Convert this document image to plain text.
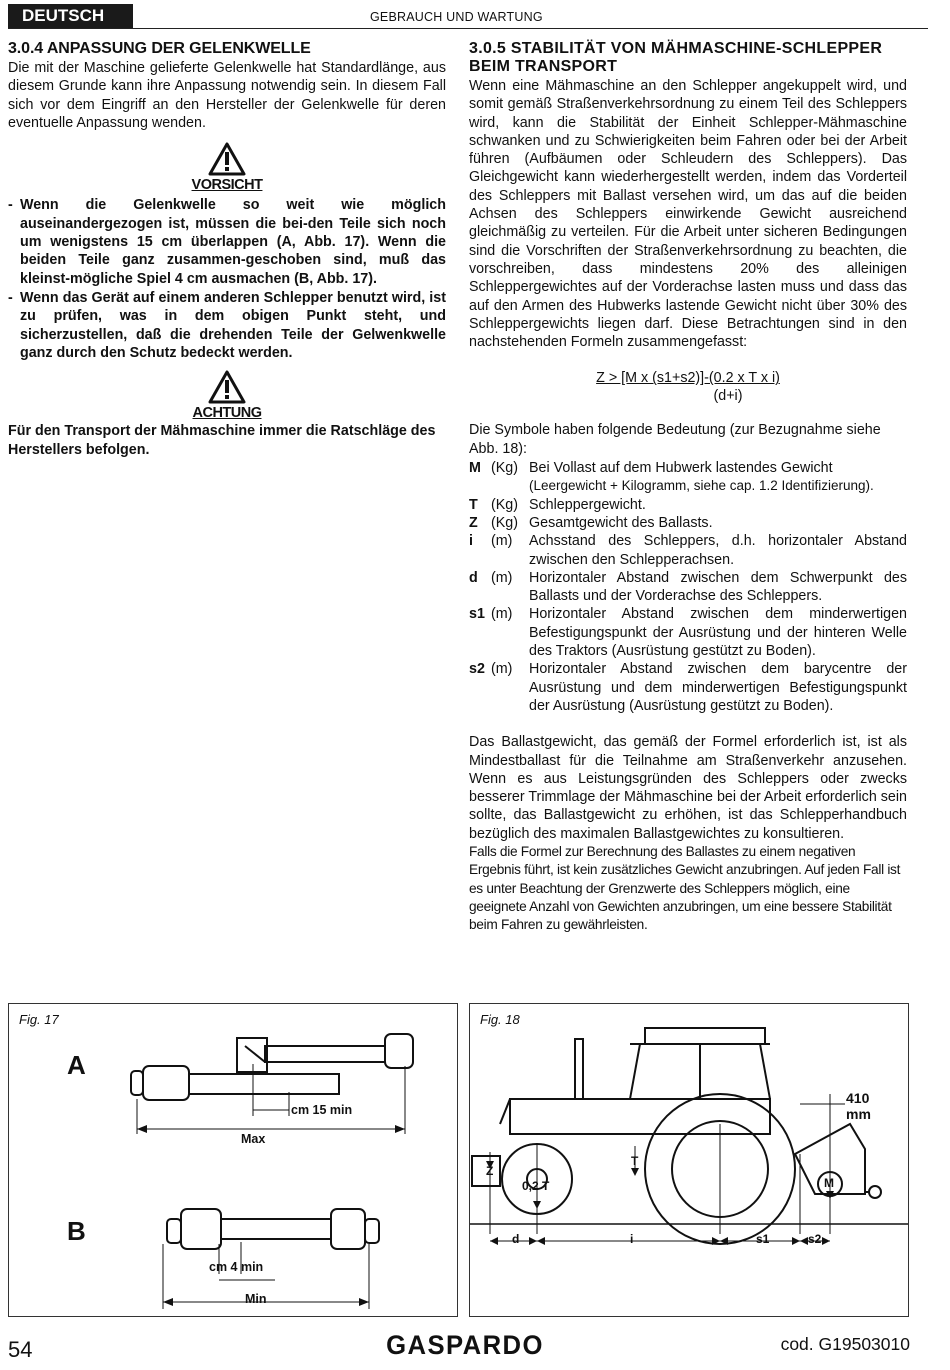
DEUTSCH	GEBRAUCH UND WARTUNG
3.0.4 ANPASSUNG DER GELENKWELLE

Die mit der Maschine gelieferte Gelenkwelle hat Standardlänge, aus diesem Grunde kann ihre Anpassung notwendig sein. In diesem Fall sich vor dem Eingriff an den Hersteller der Gelenkwelle für deren eventuelle Anpassung wenden.

VORSICHT
- Wenn die Gelenkwelle so weit wie möglich auseinandergezogen ist, müssen die bei-den Teile sich noch um wenigstens 15 cm überlappen (A, Abb. 17). Wenn die beiden Teile ganz zusammen-geschoben sind, muß das kleinst-mögliche Spiel 4 cm ausmachen (B, Abb. 17).
- Wenn das Gerät auf einem anderen Schlepper benutzt wird, ist zu prüfen, was in dem obigen Punkt steht, und sicherzustellen, daß die drehenden Teile der Gelwenkwelle ganz durch den Schutz bedeckt werden.
ACHTUNG

Für den Transport der Mähmaschine immer die Ratschläge des Herstellers befolgen.

3.0.5 STABILITÄT VON MÄHMASCHINE-SCHLEPPER BEIM TRANSPORT

Wenn eine Mähmaschine an den Schlepper angekuppelt wird, und somit gemäß Straßenverkehrsordnung zu einem Teil des Schleppers wird, kann die Stabilität der Einheit Schlepper-Mähmaschine schwanken und zu Schwierigkeiten beim Fahren oder bei der Arbeit führen (Aufbäumen oder Schleudern des Schleppers). Das Gleichgewicht kann wiederhergestellt werden, indem das Vorderteil des Schleppers mit Ballast versehen wird, um das auf die beiden Achsen des Schleppers einwirkende Gewicht ausreichend gleichmäßig zu verteilen. Für die Arbeit unter sicheren Bedingungen sind die Vorschriften der Straßenverkehrsordnung zu beachten, die vorschreiben, dass mindestens 20% des alleinigen Schleppergewichtes auf der Vorderachse lasten muss und dass das auf den Armen des Hubwerks lastende Gewicht nicht über 30% des Schleppergewichts liegen darf. Diese Betrachtungen sind in den nachstehenden Formeln zusammengefasst:

Z > [M x (s1+s2)]-(0.2 x T x i)
(d+i)

Die Symbole haben folgende Bedeutung (zur Bezugnahme siehe Abb. 18):

M	(Kg)	Bei Vollast auf dem Hubwerk lastendes Gewicht
(Leergewicht + Kilogramm, siehe cap. 1.2 Identifizierung).
T	(Kg)	Schleppergewicht.
Z	(Kg)	Gesamtgewicht des Ballasts.
i	(m)	Achsstand des Schleppers, d.h. horizontaler Abstand zwischen den Schlepperachsen.
d	(m)	Horizontaler Abstand zwischen dem Schwerpunkt des Ballasts und der Vorderachse des Schleppers.
s1	(m)	Horizontaler Abstand zwischen dem minderwertigen Befestigungspunkt der Ausrüstung und der hinteren Welle des Traktors (Ausrüstung gestützt zu Boden).
s2	(m)	Horizontaler Abstand zwischen dem barycentre der Ausrüstung und dem minderwertigen Befestigungspunkt der Ausrüstung (Ausrüstung gestützt zu Boden).

Das Ballastgewicht, das gemäß der Formel erforderlich ist, ist als Mindestballast für die Teilnahme am Straßenverkehr anzusehen. Wenn es aus Leistungsgründen des Schleppers oder zwecks besserer Trimmlage der Mähmaschine bei der Arbeit erforderlich sein sollte, das Ballastgewicht zu erhöhen, ist das Schlepperhandbuch bezüglich des maximalen Ballastgewichtes zu konsultieren.

Falls die Formel zur Berechnung des Ballastes zu einem negativen Ergebnis führt, ist kein zusätzliches Gewicht anzubringen. Auf jeden Fall ist es unter Beachtung der Grenzwerte des Schleppers möglich, eine geeignete Anzahl von Gewichten anzubringen, um eine bessere Stabilität beim Fahren zu gewährleisten.

Fig. 17
A
B
cm 15 min
Max
cm 4 min
Min
Fig. 18
410
mm
Z
0,2 T
T
M
d	i	s1	s2
54	GASPARDO	cod. G19503010
